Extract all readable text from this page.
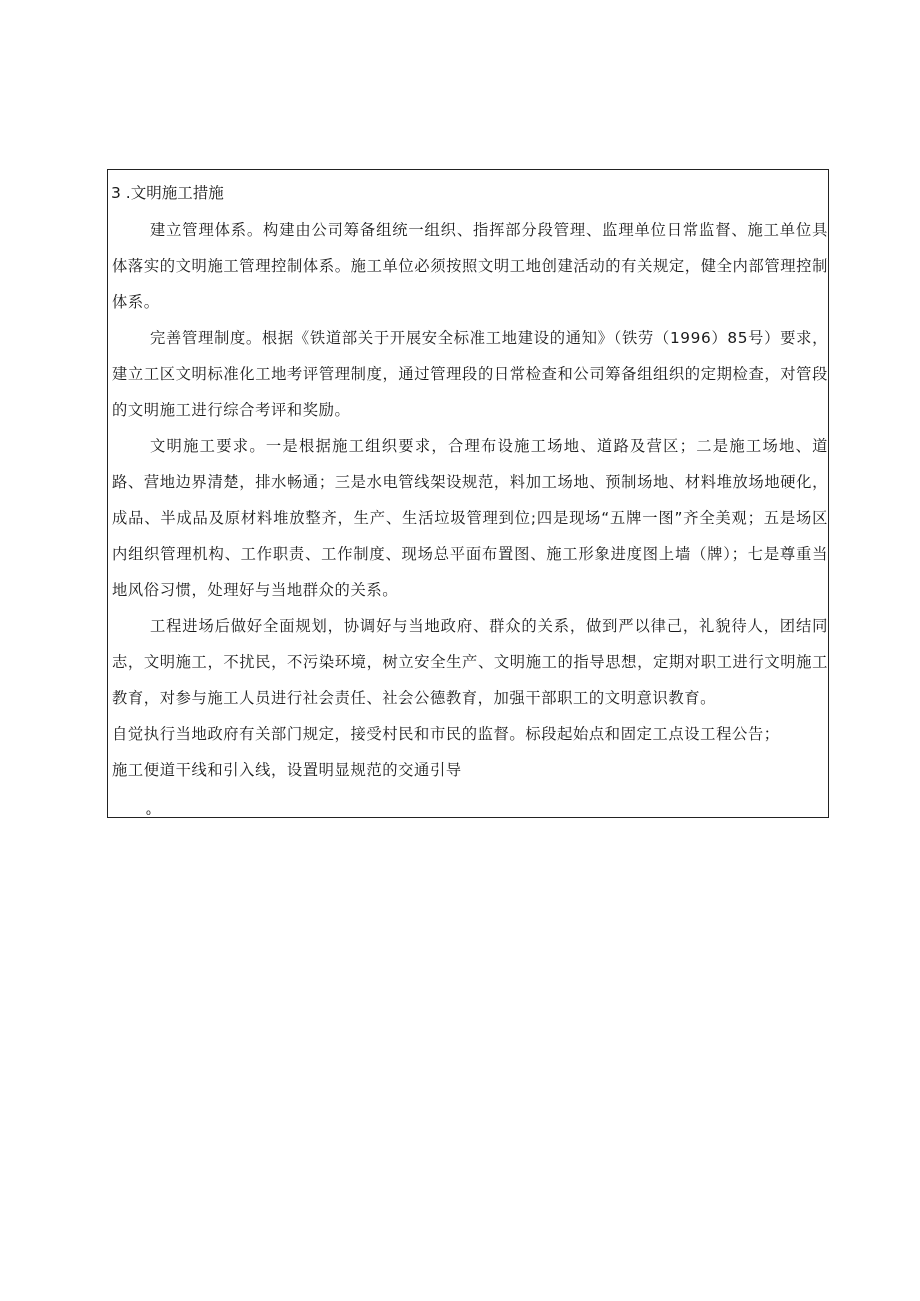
3 .文明施工措施

建立管理体系。构建由公司筹备组统一组织、指挥部分段管理、监理单位日常监督、施工单位具体落实的文明施工管理控制体系。施工单位必须按照文明工地创建活动的有关规定，健全内部管理控制体系。

完善管理制度。根据《铁道部关于开展安全标准工地建设的通知》（铁劳（1996）85号）要求，建立工区文明标准化工地考评管理制度，通过管理段的日常检查和公司筹备组组织的定期检查，对管段的文明施工进行综合考评和奖励。

文明施工要求。一是根据施工组织要求，合理布设施工场地、道路及营区；二是施工场地、道路、营地边界清楚，排水畅通；三是水电管线架设规范，料加工场地、预制场地、材料堆放场地硬化，成品、半成品及原材料堆放整齐，生产、生活垃圾管理到位;四是现场“五牌一图”齐全美观；五是场区内组织管理机构、工作职责、工作制度、现场总平面布置图、施工形象进度图上墙（牌）；七是尊重当地风俗习惯，处理好与当地群众的关系。

工程进场后做好全面规划，协调好与当地政府、群众的关系，做到严以律己，礼貌待人，团结同志，文明施工，不扰民，不污染环境，树立安全生产、文明施工的指导思想，定期对职工进行文明施工教育，对参与施工人员进行社会责任、社会公德教育，加强干部职工的文明意识教育。

自觉执行当地政府有关部门规定，接受村民和市民的监督。标段起始点和固定工点设工程公告；
施工便道干线和引入线，设置明显规范的交通引导
o
